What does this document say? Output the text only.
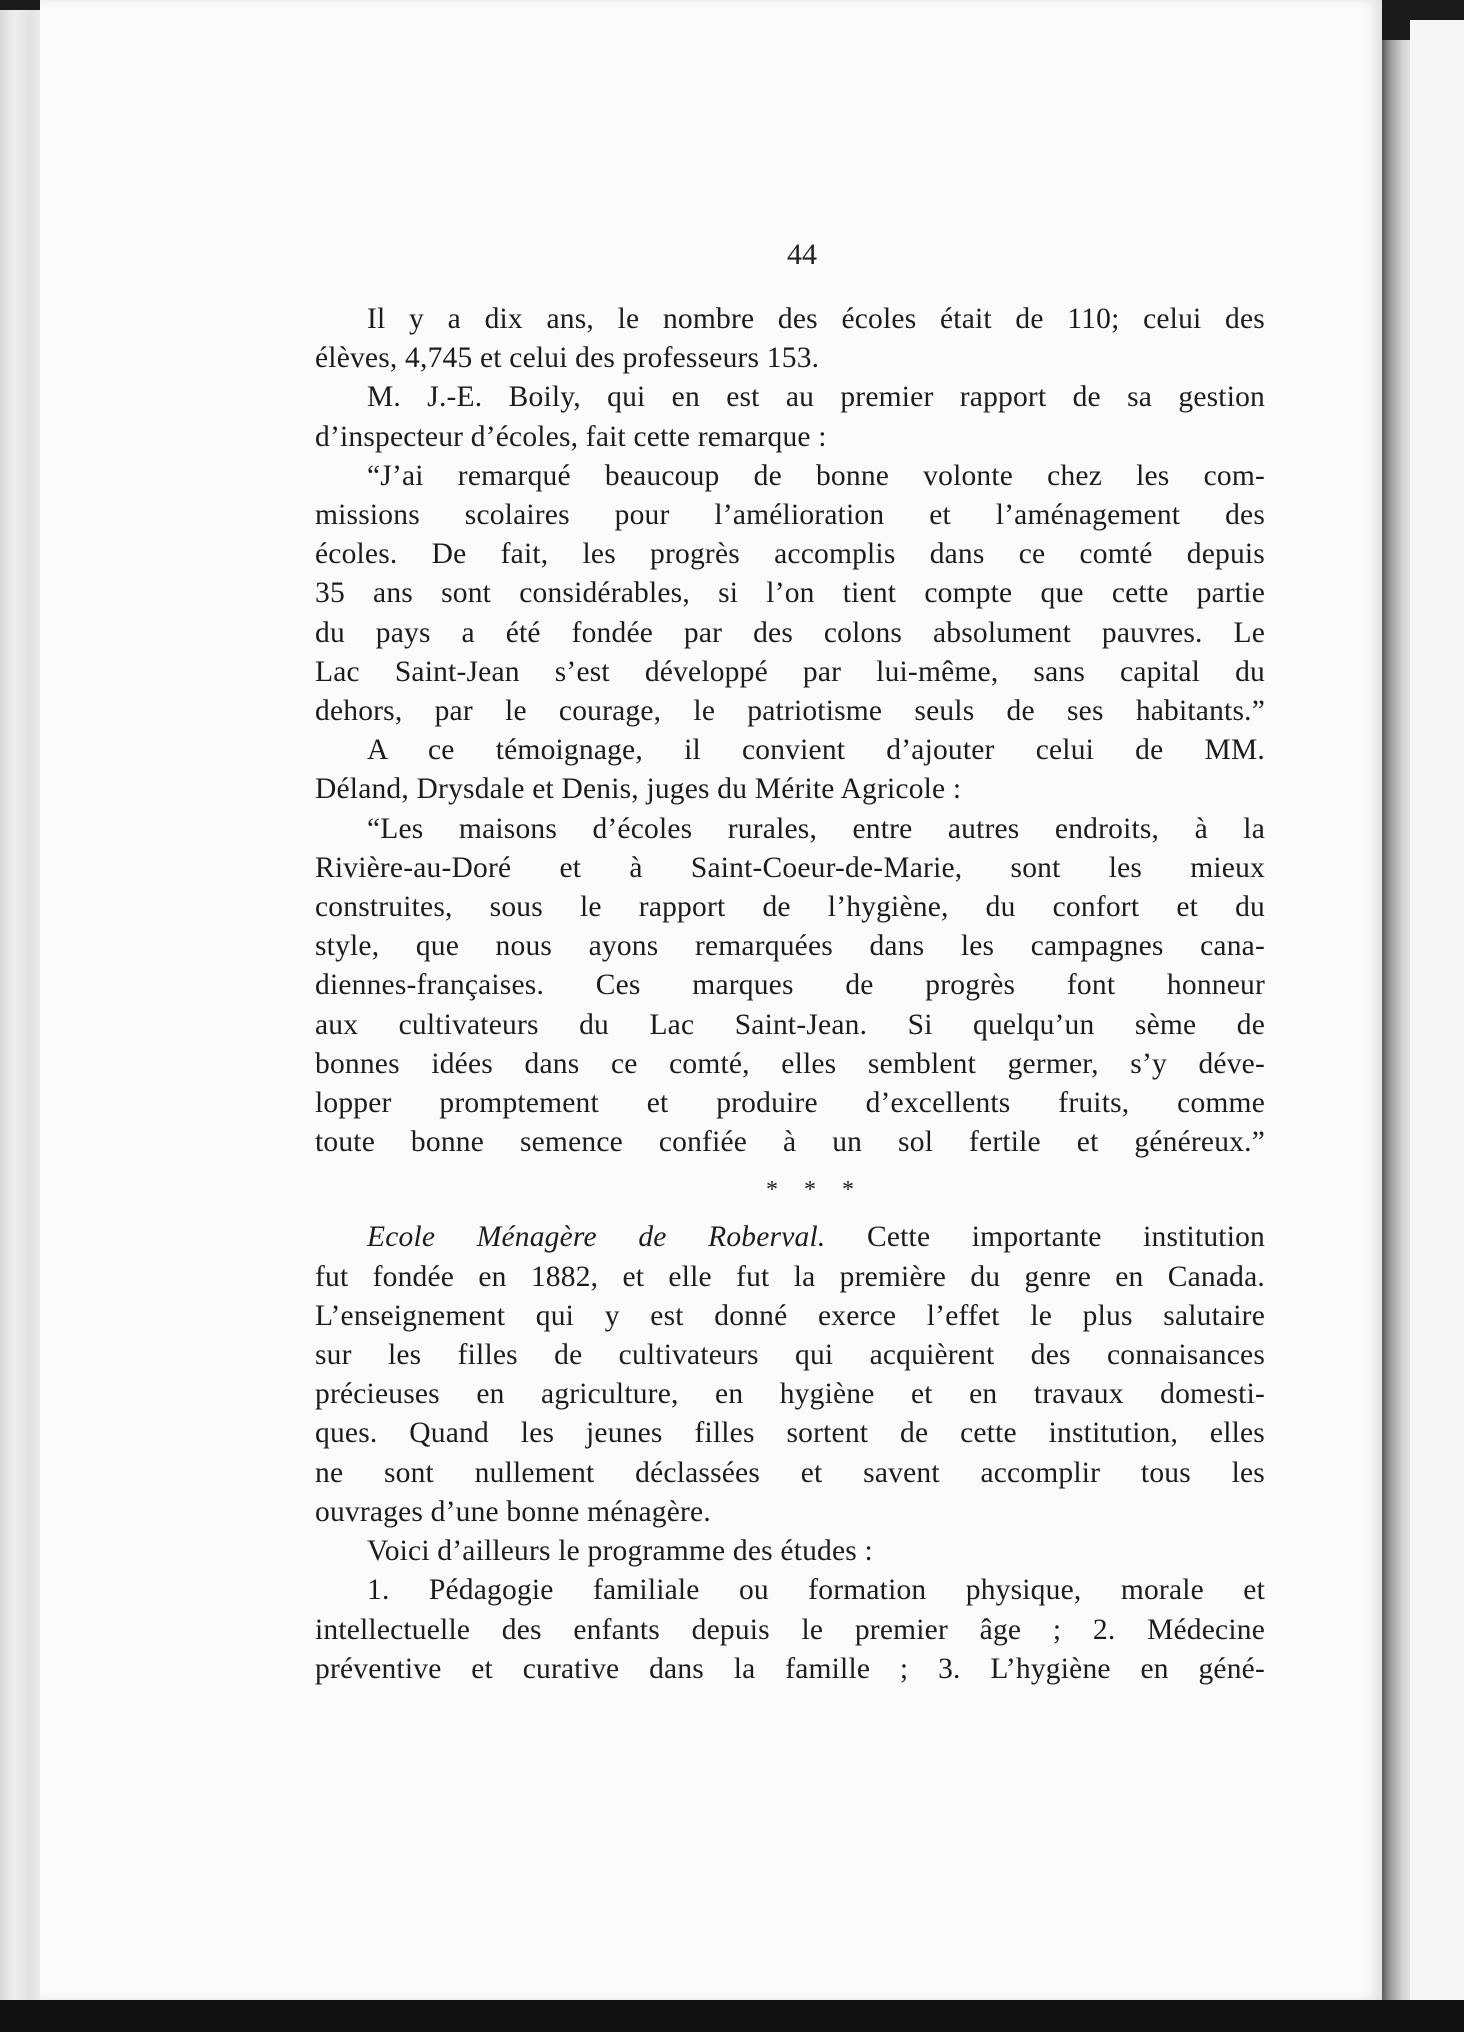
44
Il y a dix ans, le nombre des écoles était de 110; celui des
élèves, 4,745 et celui des professeurs 153.
M. J.-E. Boily, qui en est au premier rapport de sa gestion
d’inspecteur d’écoles, fait cette remarque :
“J’ai remarqué beaucoup de bonne volonte chez les com-
missions scolaires pour l’amélioration et l’aménagement des
écoles. De fait, les progrès accomplis dans ce comté depuis
35 ans sont considérables, si l’on tient compte que cette partie
du pays a été fondée par des colons absolument pauvres. Le
Lac Saint-Jean s’est développé par lui-même, sans capital du
dehors, par le courage, le patriotisme seuls de ses habitants.”
A ce témoignage, il convient d’ajouter celui de MM.
Déland, Drysdale et Denis, juges du Mérite Agricole :
“Les maisons d’écoles rurales, entre autres endroits, à la
Rivière-au-Doré et à Saint-Coeur-de-Marie, sont les mieux
construites, sous le rapport de l’hygiène, du confort et du
style, que nous ayons remarquées dans les campagnes cana-
diennes-françaises. Ces marques de progrès font honneur
aux cultivateurs du Lac Saint-Jean. Si quelqu’un sème de
bonnes idées dans ce comté, elles semblent germer, s’y déve-
lopper promptement et produire d’excellents fruits, comme
toute bonne semence confiée à un sol fertile et généreux.”
* * *
Ecole Ménagère de Roberval. Cette importante institution
fut fondée en 1882, et elle fut la première du genre en Canada.
L’enseignement qui y est donné exerce l’effet le plus salutaire
sur les filles de cultivateurs qui acquièrent des connaisances
précieuses en agriculture, en hygiène et en travaux domesti-
ques. Quand les jeunes filles sortent de cette institution, elles
ne sont nullement déclassées et savent accomplir tous les
ouvrages d’une bonne ménagère.
Voici d’ailleurs le programme des études :
1. Pédagogie familiale ou formation physique, morale et
intellectuelle des enfants depuis le premier âge ; 2. Médecine
préventive et curative dans la famille ; 3. L’hygiène en géné-
